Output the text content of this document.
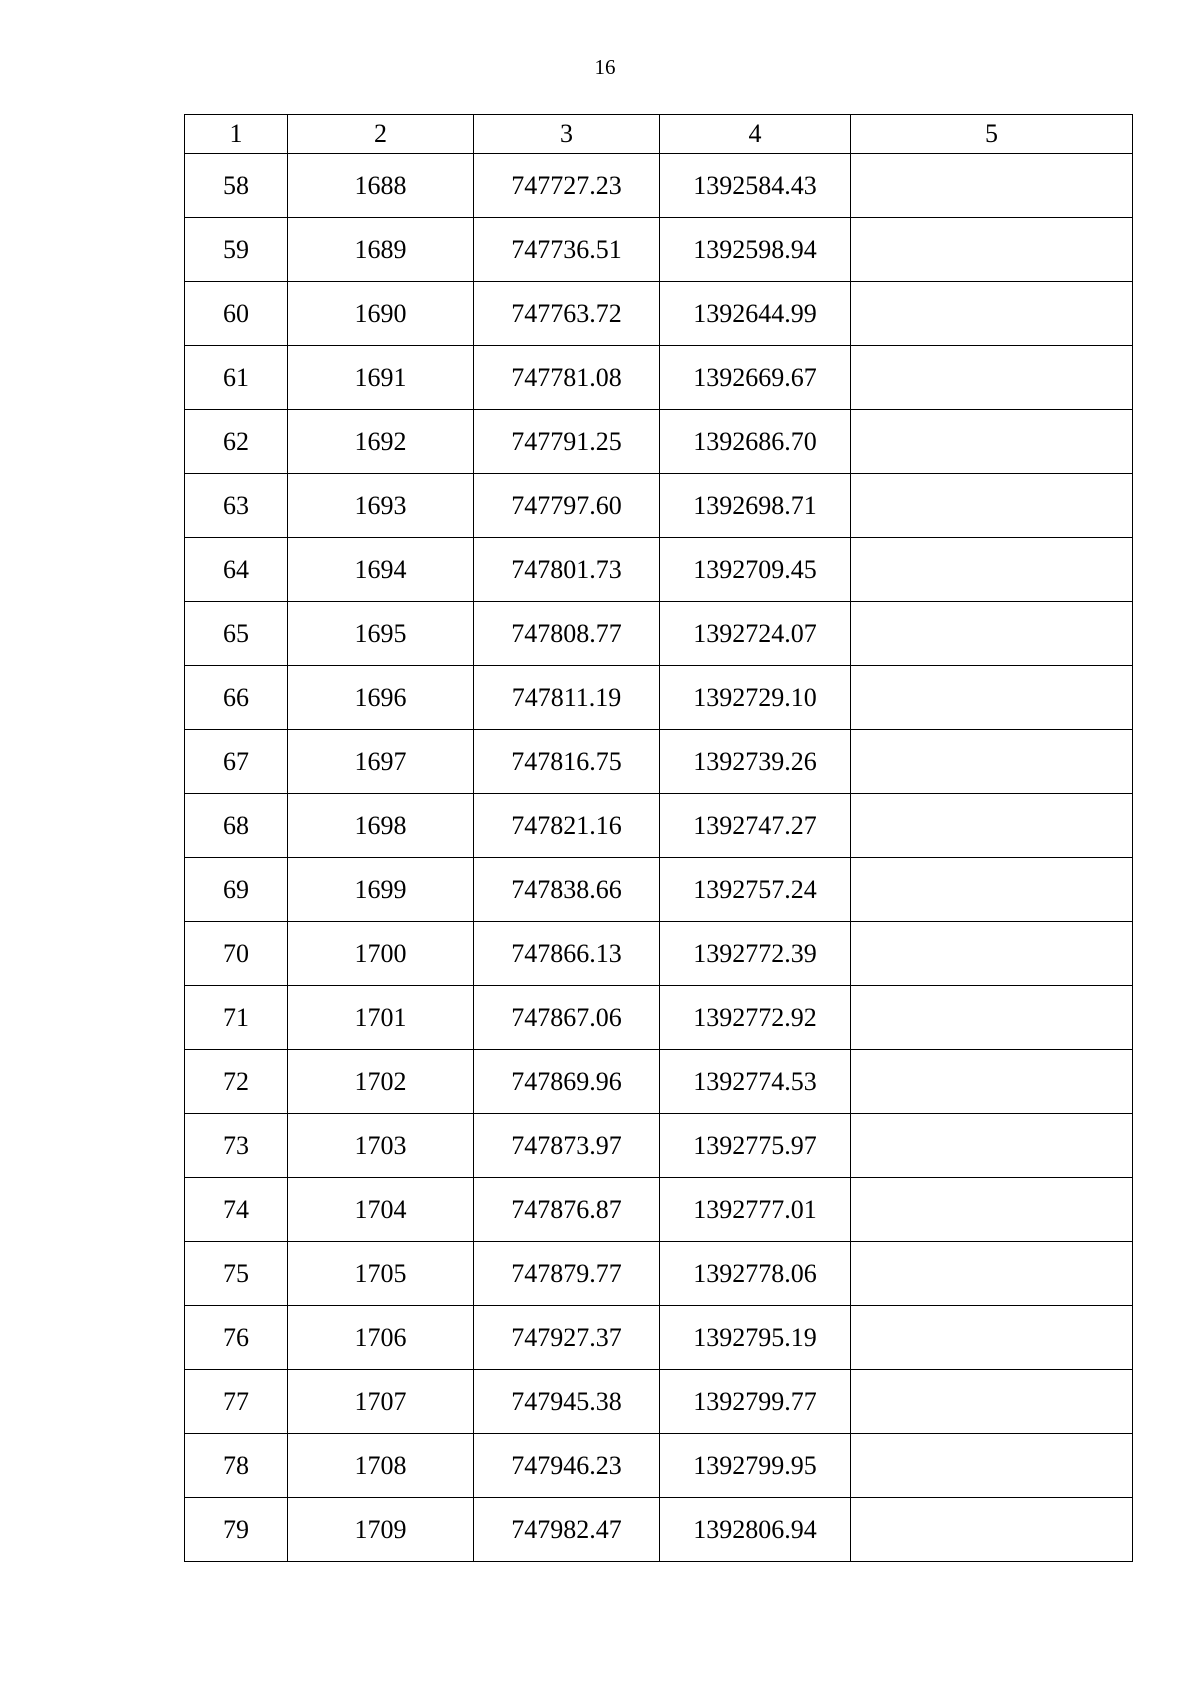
16
1	2	3	4	5
58	1688	747727.23	1392584.43	
59	1689	747736.51	1392598.94	
60	1690	747763.72	1392644.99	
61	1691	747781.08	1392669.67	
62	1692	747791.25	1392686.70	
63	1693	747797.60	1392698.71	
64	1694	747801.73	1392709.45	
65	1695	747808.77	1392724.07	
66	1696	747811.19	1392729.10	
67	1697	747816.75	1392739.26	
68	1698	747821.16	1392747.27	
69	1699	747838.66	1392757.24	
70	1700	747866.13	1392772.39	
71	1701	747867.06	1392772.92	
72	1702	747869.96	1392774.53	
73	1703	747873.97	1392775.97	
74	1704	747876.87	1392777.01	
75	1705	747879.77	1392778.06	
76	1706	747927.37	1392795.19	
77	1707	747945.38	1392799.77	
78	1708	747946.23	1392799.95	
79	1709	747982.47	1392806.94	
